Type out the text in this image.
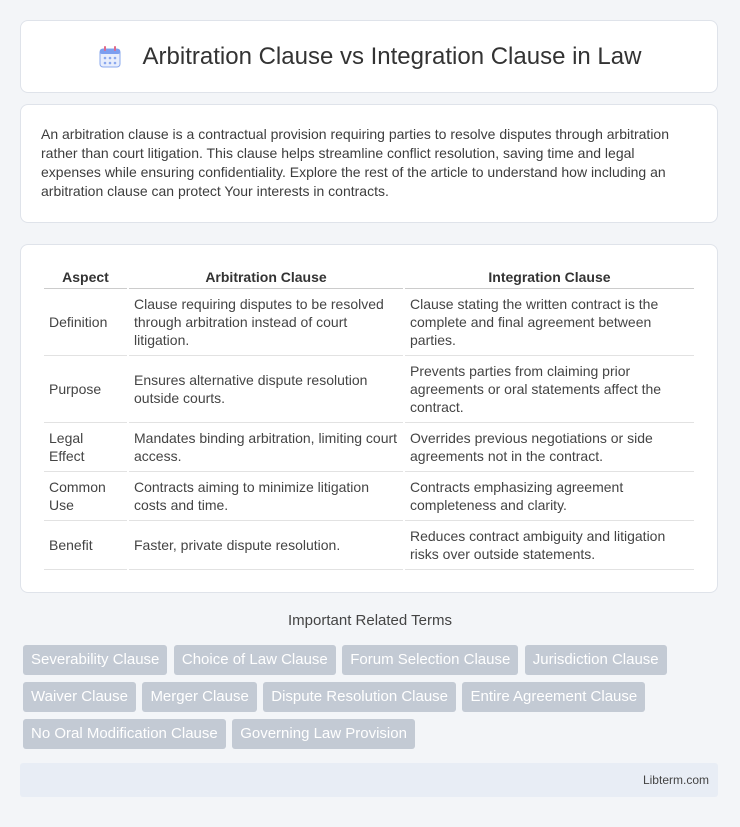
Arbitration Clause vs Integration Clause in Law

An arbitration clause is a contractual provision requiring parties to resolve disputes through arbitration rather than court litigation. This clause helps streamline conflict resolution, saving time and legal expenses while ensuring confidentiality. Explore the rest of the article to understand how including an arbitration clause can protect Your interests in contracts.

Aspect	Arbitration Clause	Integration Clause
Definition	Clause requiring disputes to be resolved through arbitration instead of court litigation.	Clause stating the written contract is the complete and final agreement between parties.
Purpose	Ensures alternative dispute resolution outside courts.	Prevents parties from claiming prior agreements or oral statements affect the contract.
Legal Effect	Mandates binding arbitration, limiting court access.	Overrides previous negotiations or side agreements not in the contract.
Common Use	Contracts aiming to minimize litigation costs and time.	Contracts emphasizing agreement completeness and clarity.
Benefit	Faster, private dispute resolution.	Reduces contract ambiguity and litigation risks over outside statements.
Important Related Terms
Severability Clause Choice of Law Clause Forum Selection Clause Jurisdiction Clause Waiver Clause Merger Clause Dispute Resolution Clause Entire Agreement Clause No Oral Modification Clause Governing Law Provision
Libterm.com
